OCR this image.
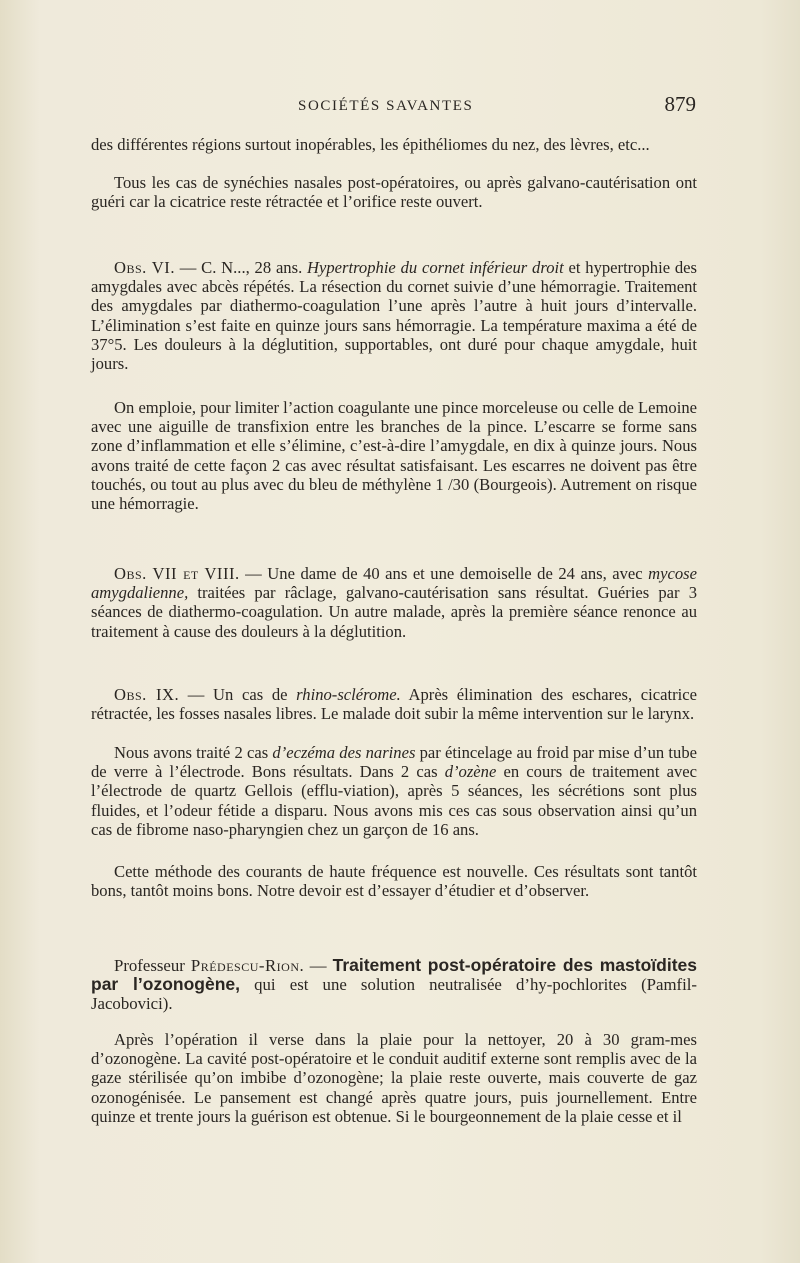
SOCIÉTÉS SAVANTES	879

des différentes régions surtout inopérables, les épithéliomes du nez, des lèvres, etc...

Tous les cas de synéchies nasales post-opératoires, ou après galvano-cautérisation ont guéri car la cicatrice reste rétractée et l’orifice reste ouvert.

Obs. VI. — C. N..., 28 ans. Hypertrophie du cornet inférieur droit et hypertrophie des amygdales avec abcès répétés. La résection du cornet suivie d’une hémorragie. Traitement des amygdales par diathermo-coagulation l’une après l’autre à huit jours d’intervalle. L’élimination s’est faite en quinze jours sans hémorragie. La température maxima a été de 37°5. Les douleurs à la déglutition, supportables, ont duré pour chaque amygdale, huit jours.

On emploie, pour limiter l’action coagulante une pince morceleuse ou celle de Lemoine avec une aiguille de transfixion entre les branches de la pince. L’escarre se forme sans zone d’inflammation et elle s’élimine, c’est-à-dire l’amygdale, en dix à quinze jours. Nous avons traité de cette façon 2 cas avec résultat satisfaisant. Les escarres ne doivent pas être touchés, ou tout au plus avec du bleu de méthylène 1 /30 (Bourgeois). Autrement on risque une hémorragie.

Obs. VII et VIII. — Une dame de 40 ans et une demoiselle de 24 ans, avec mycose amygdalienne, traitées par râclage, galvano-cautérisation sans résultat. Guéries par 3 séances de diathermo-coagulation. Un autre malade, après la première séance renonce au traitement à cause des douleurs à la déglutition.

Obs. IX. — Un cas de rhino-sclérome. Après élimination des eschares, cicatrice rétractée, les fosses nasales libres. Le malade doit subir la même intervention sur le larynx.

Nous avons traité 2 cas d’eczéma des narines par étincelage au froid par mise d’un tube de verre à l’électrode. Bons résultats. Dans 2 cas d’ozène en cours de traitement avec l’électrode de quartz Gellois (efflu-viation), après 5 séances, les sécrétions sont plus fluides, et l’odeur fétide a disparu. Nous avons mis ces cas sous observation ainsi qu’un cas de fibrome naso-pharyngien chez un garçon de 16 ans.

Cette méthode des courants de haute fréquence est nouvelle. Ces résultats sont tantôt bons, tantôt moins bons. Notre devoir est d’essayer d’étudier et d’observer.

Professeur Prédescu-Rion. — Traitement post-opératoire des mastoïdites par l’ozonogène, qui est une solution neutralisée d’hy-pochlorites (Pamfil-Jacobovici).

Après l’opération il verse dans la plaie pour la nettoyer, 20 à 30 gram-mes d’ozonogène. La cavité post-opératoire et le conduit auditif externe sont remplis avec de la gaze stérilisée qu’on imbibe d’ozonogène; la plaie reste ouverte, mais couverte de gaz ozonogénisée. Le pansement est changé après quatre jours, puis journellement. Entre quinze et trente jours la guérison est obtenue. Si le bourgeonnement de la plaie cesse et il
